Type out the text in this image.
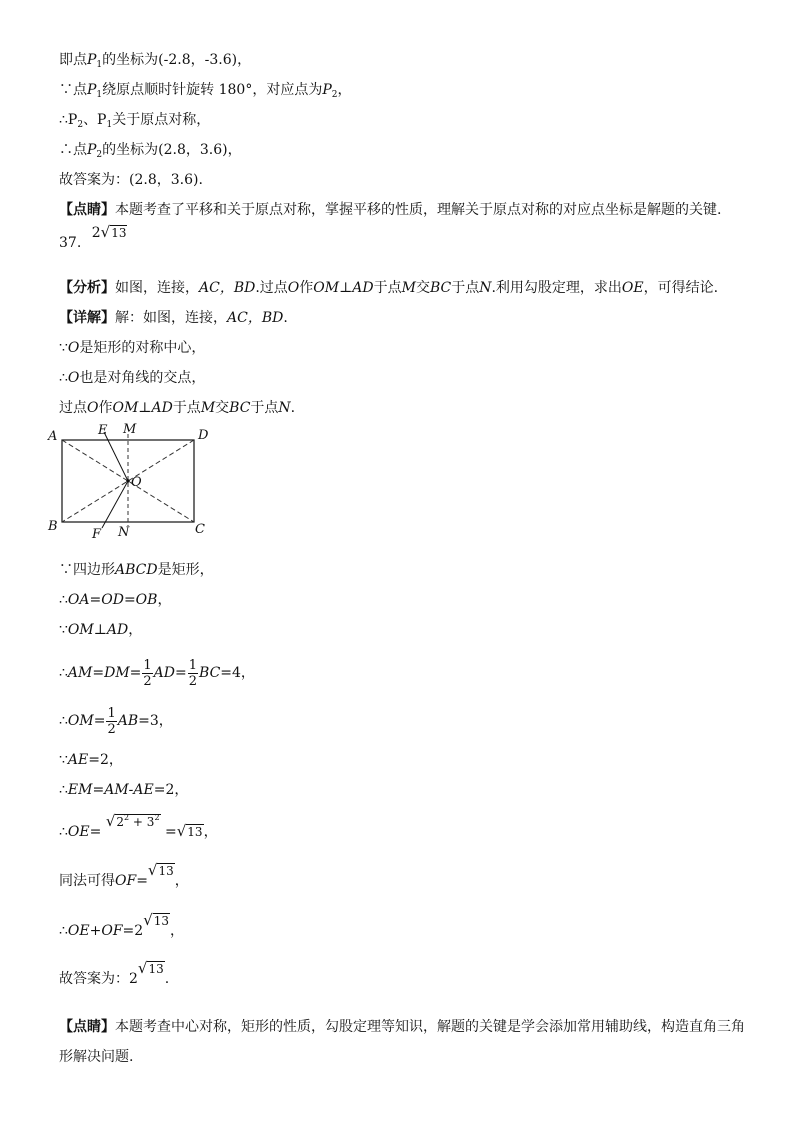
即点$P_1$的坐标为(-2.8，-3.6)，
∵点$P_1$绕原点顺时针旋转 180°，对应点为$P_2$，
$\therefore P_2$、$P_1$关于原点对称，
∴点$P_2$的坐标为(2.8，3.6)，
故答案为：(2.8，3.6).
【点睛】本题考查了平移和关于原点对称，掌握平移的性质，理解关于原点对称的对应点坐标是解题的关键.
37. 2√13
【分析】如图，连接，AC，BD.过点O作OM⊥AD于点M交BC于点N.利用勾股定理，求出OE，可得结论.
【详解】解：如图，连接，AC，BD.
∵O是矩形的对称中心，
∴O也是对角线的交点，
过点O作OM⊥AD于点M交BC于点N.
A
B	C
D
E M
O
F N
∵四边形ABCD是矩形，
∴OA=OD=OB，
∵OM⊥AD，
∴AM=DM= $\frac{1}{2} AD= \frac{1}{2} BC=4$，
∴OM= $\frac{1}{2} AB=3$，
∵AE=2，
∴EM=AM-AE=2，
∴OE= $√2^2 + 3^2 =√13$，
同法可得OF=√13，
∴OE+OF=2√13，
故答案为：2√13.
【点睛】本题考查中心对称，矩形的性质，勾股定理等知识，解题的关键是学会添加常用辅助线，构造直角三角形解决问题.
